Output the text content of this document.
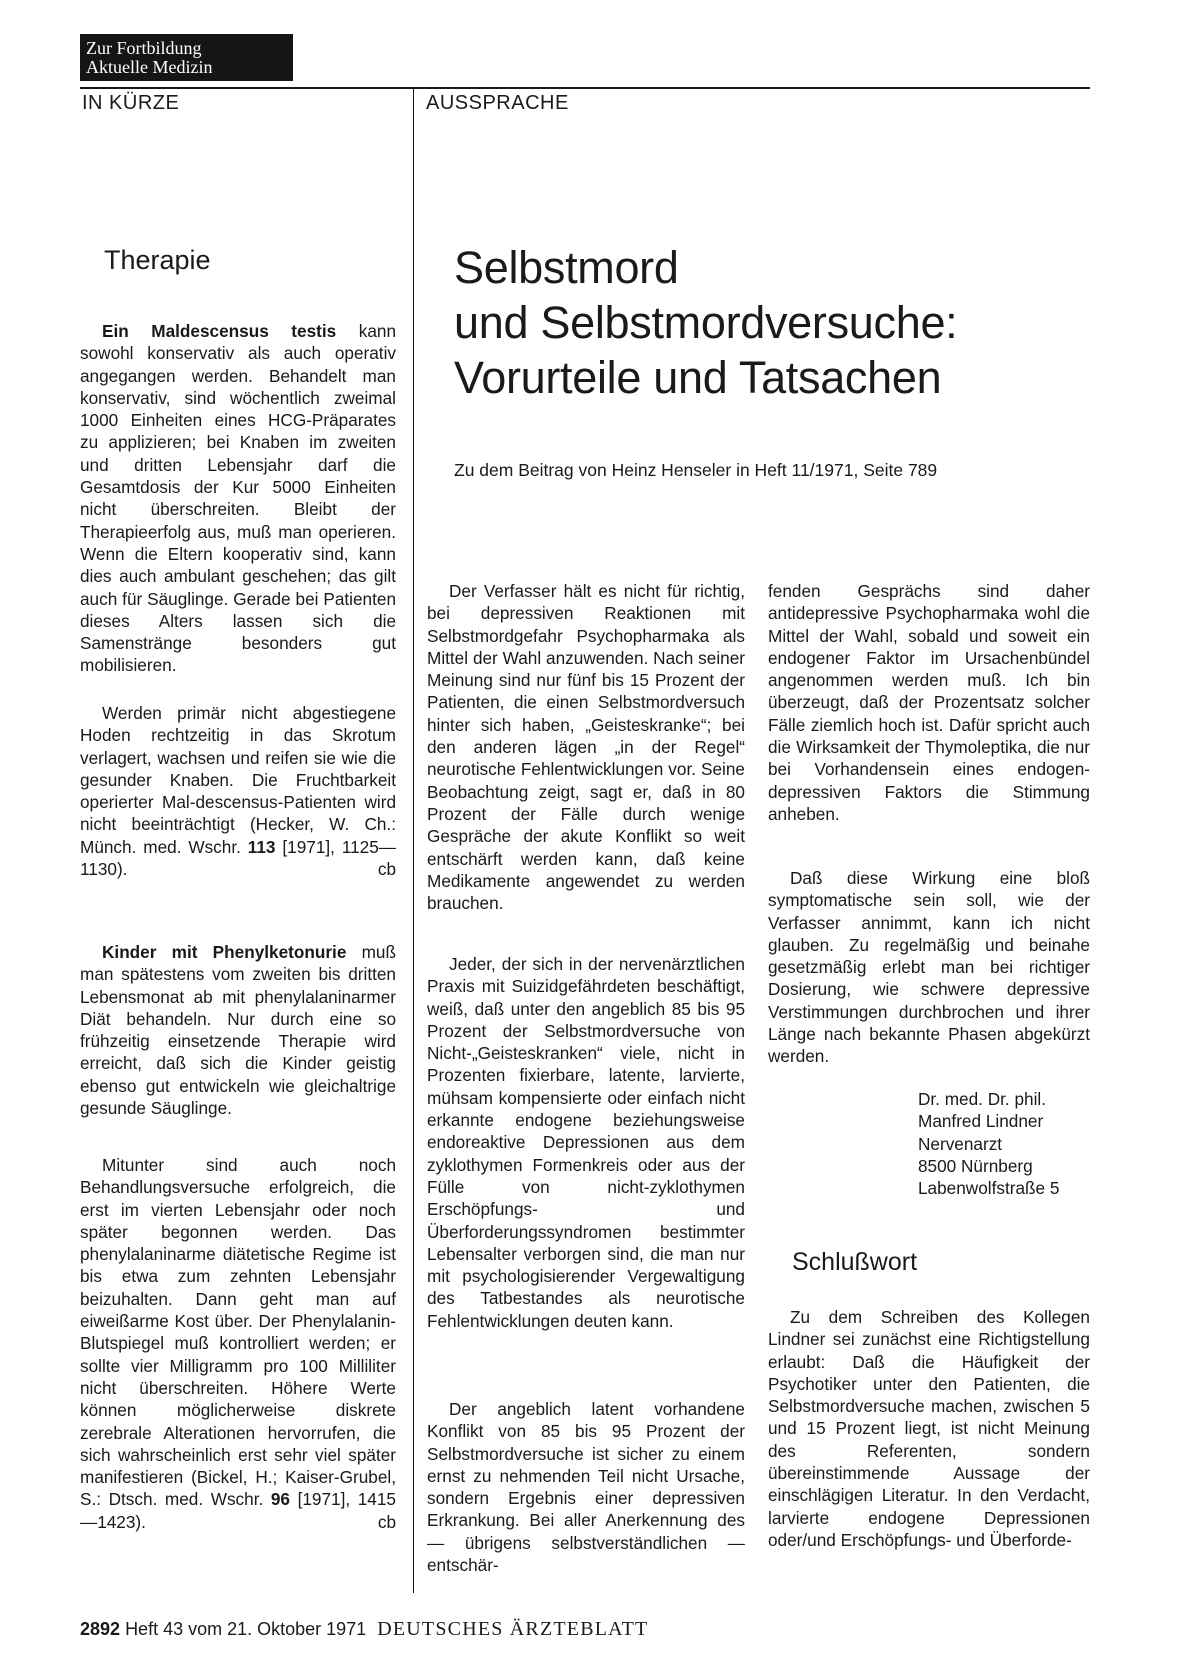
Zur Fortbildung
Aktuelle Medizin
IN KÜRZE	AUSSPRACHE
Therapie
Ein Maldescensus testis kann sowohl konservativ als auch operativ angegangen werden. Behandelt man konservativ, sind wöchentlich zweimal 1000 Einheiten eines HCG-Präparates zu applizieren; bei Knaben im zweiten und dritten Lebensjahr darf die Gesamtdosis der Kur 5000 Einheiten nicht überschreiten. Bleibt der Therapieerfolg aus, muß man operieren. Wenn die Eltern kooperativ sind, kann dies auch ambulant geschehen; das gilt auch für Säuglinge. Gerade bei Patienten dieses Alters lassen sich die Samenstränge besonders gut mobilisieren.
Werden primär nicht abgestiegene Hoden rechtzeitig in das Skrotum verlagert, wachsen und reifen sie wie die gesunder Knaben. Die Fruchtbarkeit operierter Mal-descensus-Patienten wird nicht beeinträchtigt (Hecker, W. Ch.: Münch. med. Wschr. 113 [1971], 1125—1130).	cb
Kinder mit Phenylketonurie muß man spätestens vom zweiten bis dritten Lebensmonat ab mit phenylalaninarmer Diät behandeln. Nur durch eine so frühzeitig einsetzende Therapie wird erreicht, daß sich die Kinder geistig ebenso gut entwickeln wie gleichaltrige gesunde Säuglinge.
Mitunter sind auch noch Behandlungsversuche erfolgreich, die erst im vierten Lebensjahr oder noch später begonnen werden. Das phenylalaninarme diätetische Regime ist bis etwa zum zehnten Lebensjahr beizuhalten. Dann geht man auf eiweißarme Kost über. Der Phenylalanin-Blutspiegel muß kontrolliert werden; er sollte vier Milligramm pro 100 Milliliter nicht überschreiten. Höhere Werte können möglicherweise diskrete zerebrale Alterationen hervorrufen, die sich wahrscheinlich erst sehr viel später manifestieren (Bickel, H.; Kaiser-Grubel, S.: Dtsch. med. Wschr. 96 [1971], 1415—1423).	cb
Selbstmord
und Selbstmordversuche:
Vorurteile und Tatsachen
Zu dem Beitrag von Heinz Henseler in Heft 11/1971, Seite 789
Der Verfasser hält es nicht für richtig, bei depressiven Reaktionen mit Selbstmordgefahr Psychopharmaka als Mittel der Wahl anzuwenden. Nach seiner Meinung sind nur fünf bis 15 Prozent der Patienten, die einen Selbstmordversuch hinter sich haben, „Geisteskranke“; bei den anderen lägen „in der Regel“ neurotische Fehlentwicklungen vor. Seine Beobachtung zeigt, sagt er, daß in 80 Prozent der Fälle durch wenige Gespräche der akute Konflikt so weit entschärft werden kann, daß keine Medikamente angewendet zu werden brauchen.
Jeder, der sich in der nervenärztlichen Praxis mit Suizidgefährdeten beschäftigt, weiß, daß unter den angeblich 85 bis 95 Prozent der Selbstmordversuche von Nicht-„Geisteskranken“ viele, nicht in Prozenten fixierbare, latente, larvierte, mühsam kompensierte oder einfach nicht erkannte endogene beziehungsweise endoreaktive Depressionen aus dem zyklothymen Formenkreis oder aus der Fülle von nicht-zyklothymen Erschöpfungs- und Überforderungssyndromen bestimmter Lebensalter verborgen sind, die man nur mit psychologisierender Vergewaltigung des Tatbestandes als neurotische Fehlentwicklungen deuten kann.
Der angeblich latent vorhandene Konflikt von 85 bis 95 Prozent der Selbstmordversuche ist sicher zu einem ernst zu nehmenden Teil nicht Ursache, sondern Ergebnis einer depressiven Erkrankung. Bei aller Anerkennung des — übrigens selbstverständlichen — entschär-
fenden Gesprächs sind daher antidepressive Psychopharmaka wohl die Mittel der Wahl, sobald und soweit ein endogener Faktor im Ursachenbündel angenommen werden muß. Ich bin überzeugt, daß der Prozentsatz solcher Fälle ziemlich hoch ist. Dafür spricht auch die Wirksamkeit der Thymoleptika, die nur bei Vorhandensein eines endogen-depressiven Faktors die Stimmung anheben.
Daß diese Wirkung eine bloß symptomatische sein soll, wie der Verfasser annimmt, kann ich nicht glauben. Zu regelmäßig und beinahe gesetzmäßig erlebt man bei richtiger Dosierung, wie schwere depressive Verstimmungen durchbrochen und ihrer Länge nach bekannte Phasen abgekürzt werden.
Dr. med. Dr. phil.
Manfred Lindner
Nervenarzt
8500 Nürnberg
Labenwolfstraße 5
Schlußwort
Zu dem Schreiben des Kollegen Lindner sei zunächst eine Richtigstellung erlaubt: Daß die Häufigkeit der Psychotiker unter den Patienten, die Selbstmordversuche machen, zwischen 5 und 15 Prozent liegt, ist nicht Meinung des Referenten, sondern übereinstimmende Aussage der einschlägigen Literatur. In den Verdacht, larvierte endogene Depressionen oder/und Erschöpfungs- und Überforde-
2892 Heft 43 vom 21. Oktober 1971 DEUTSCHES ÄRZTEBLATT
